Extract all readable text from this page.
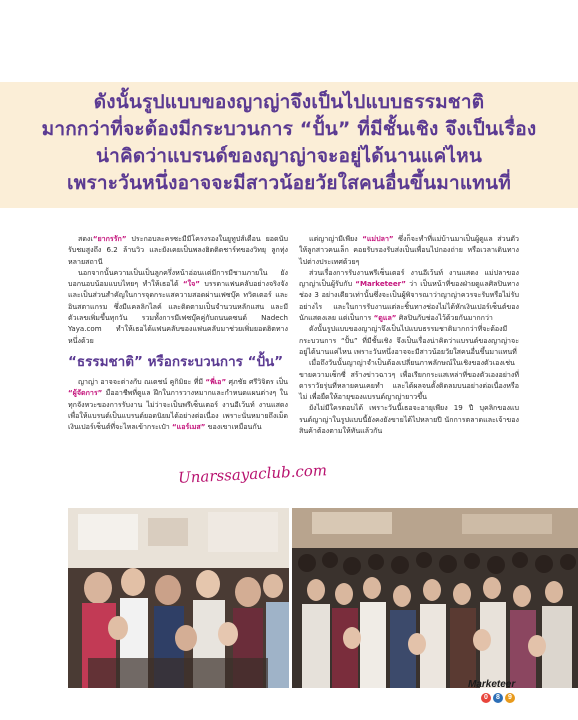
ดังนั้นรูปแบบของญาญ่าจึงเป็นไปแบบธรรมชาติ
มากกว่าที่จะต้องมีกระบวนการ “ปั้น” ที่มีชั้นเชิง จึงเป็นเรื่อง
น่าคิดว่าแบรนด์ของญาญ่าจะอยู่ได้นานแค่ไหน
เพราะวันหนึ่งอาจจะมีสาวน้อยวัยใสคนอื่นขึ้นมาแทนที่

สดงเ“ยากรรัก” ประกอบละครซะมีมีโครงรองในยูทูปส์เดือน ยอดนับรับชมสูงถึง 6.2 ล้านวิว และยังเคยเป็นพลงฮิตติดชาร์ทของวิทยุ ลูกทุ่งหลายสถานี

นอกจากนั้นความเป็นเป็นลูกครึ่งหน้าอ่อนเเต่มีการมีชามภายใน ยังบอกนอบน้อมแบบไทยๆ ทำให้เธอได้ “ใจ” บรรดาแฟนคลับอย่างจริงจัง และเป็นส่วนสำคัญในการจุดกระแสความสอดผ่านเฟซบุ๊ค ทวิตเตอร์ และอินสตาแกรม ซึ่งมีแคลลิกไลค์ และติดตามเป็นจำนวนหลักแสน และมีตัวเลขเพิ่มขึ้นทุกวัน รวมทั้งการมีเฟซบุ๊คคู่กับถนนดซนด์ Nadech Yaya.com ทำให้เธอได้แฟนคลับของแฟนคลับมาช่วยเพิ่มยอดฮิตทางหนึ่งด้วย

“ธรรมชาติ” หรือกระบวนการ “ปั้น”

ญาญ่า อาจจะต่างกับ ณเดชน์ คูกิมิยะ ที่มี “พี่เอ” ศุภชัย ศรีวิจิตร เป็น “ผู้จัดการ” มืออาชีพที่ดูแล ฝึกในการวางหมากและกำหนดแผนต่างๆ ในทุกจังหวะของการรับงาน ไม่ว่าจะเป็นพรีเซ็นเตอร์ งานอีเว้นท์ งานแสดง เพื่อให้แบรนด์เป็นแบรนด์ยอดนิยมได้อย่างต่อเนื่อง เพราะนั่นหมายถึงเม็ดเงินเปอร์เซ็นต์ที่จะไหลเข้ากระเป๋า “แอร์เมส” ของเขาเหมือนกัน

แต่ญาญ่ามีเพียง “แม่ปลา” ซึ่งก็จะทำที่แม่บ้านมาเป็นผู้ดูแล ส่วนตัวให้ลูกสาวคนเล็ก คอยรับรองรับส่งเป็นเพื่อนไปกองถ่าย หรือเวลาเดินทางไปต่างประเทศด้วยๆ

ส่วนเรื่องการรับงานพรีเซ็นเตอร์ งานอีเว้นท์ งานแสดง แม่ปลาของญาญ่าเป็นผู้รับกับ “Marketeer” ว่า เป็นหน้าที่ของฝ่ายดูแลศิลปินทางช่อง 3 อย่างเดียวเท่านั้นซึ่งจะเป็นผู้พิจารณาว่าญาญ่าควรจะรับหรือไม่รับอย่างไร และในการรับงานแต่ละชิ้นทางช่องไม่ได้หักเงินเปอร์เซ็นต์ของนักแสดงเลย แต่เป็นการ “ดูแล” ศิลปินกับช่องไว้ด้วยกันมากกว่า

ดังนั้นรูปแบบของญาญ่าจึงเป็นไปแบบธรรมชาติมากกว่าที่จะต้องมีกระบวนการ “ปั้น” ที่มีชั้นเชิง จึงเป็นเรื่องน่าคิดว่าแบรนด์ของญาญ่าจะอยู่ได้นานแค่ไหน เพราะวันหนึ่งอาจจะมีสาวน้อยวัยใสคนอื่นขึ้นมาแทนที่

เมื่อถึงวันนั้นญาญ่าจำเป็นต้องเปลี่ยนภาพลักษณ์ในเชิงของตัวเองเช่น ขายความเซ็กซี่ สร้างข่าวฉาวๆ เพื่อเรียกกระแสเหล่าที่ของตัวเองอย่างที่ดาราวัยรุ่นที่หลายคนเคยทำ และได้ผลจนตั้งติดลมบนอย่างต่อเนื่องหรือไม่ เพื่อยืดให้อายุของแบรนด์ญาญ่ายาวขึ้น

ยังไม่มีใครตอบได้ เพราะวันนี้เธอจะอายุเพียง 19 ปี บุคลิกของแบรนด์ญาญ่าในรูปแบบนี้ยังคงยังขายได้ไปหลายปี นักการตลาดและเจ้าของสินค้าต้องตามให้ทันแล้วกัน

Unarssayaclub.com
Marketeer
0	8	9
